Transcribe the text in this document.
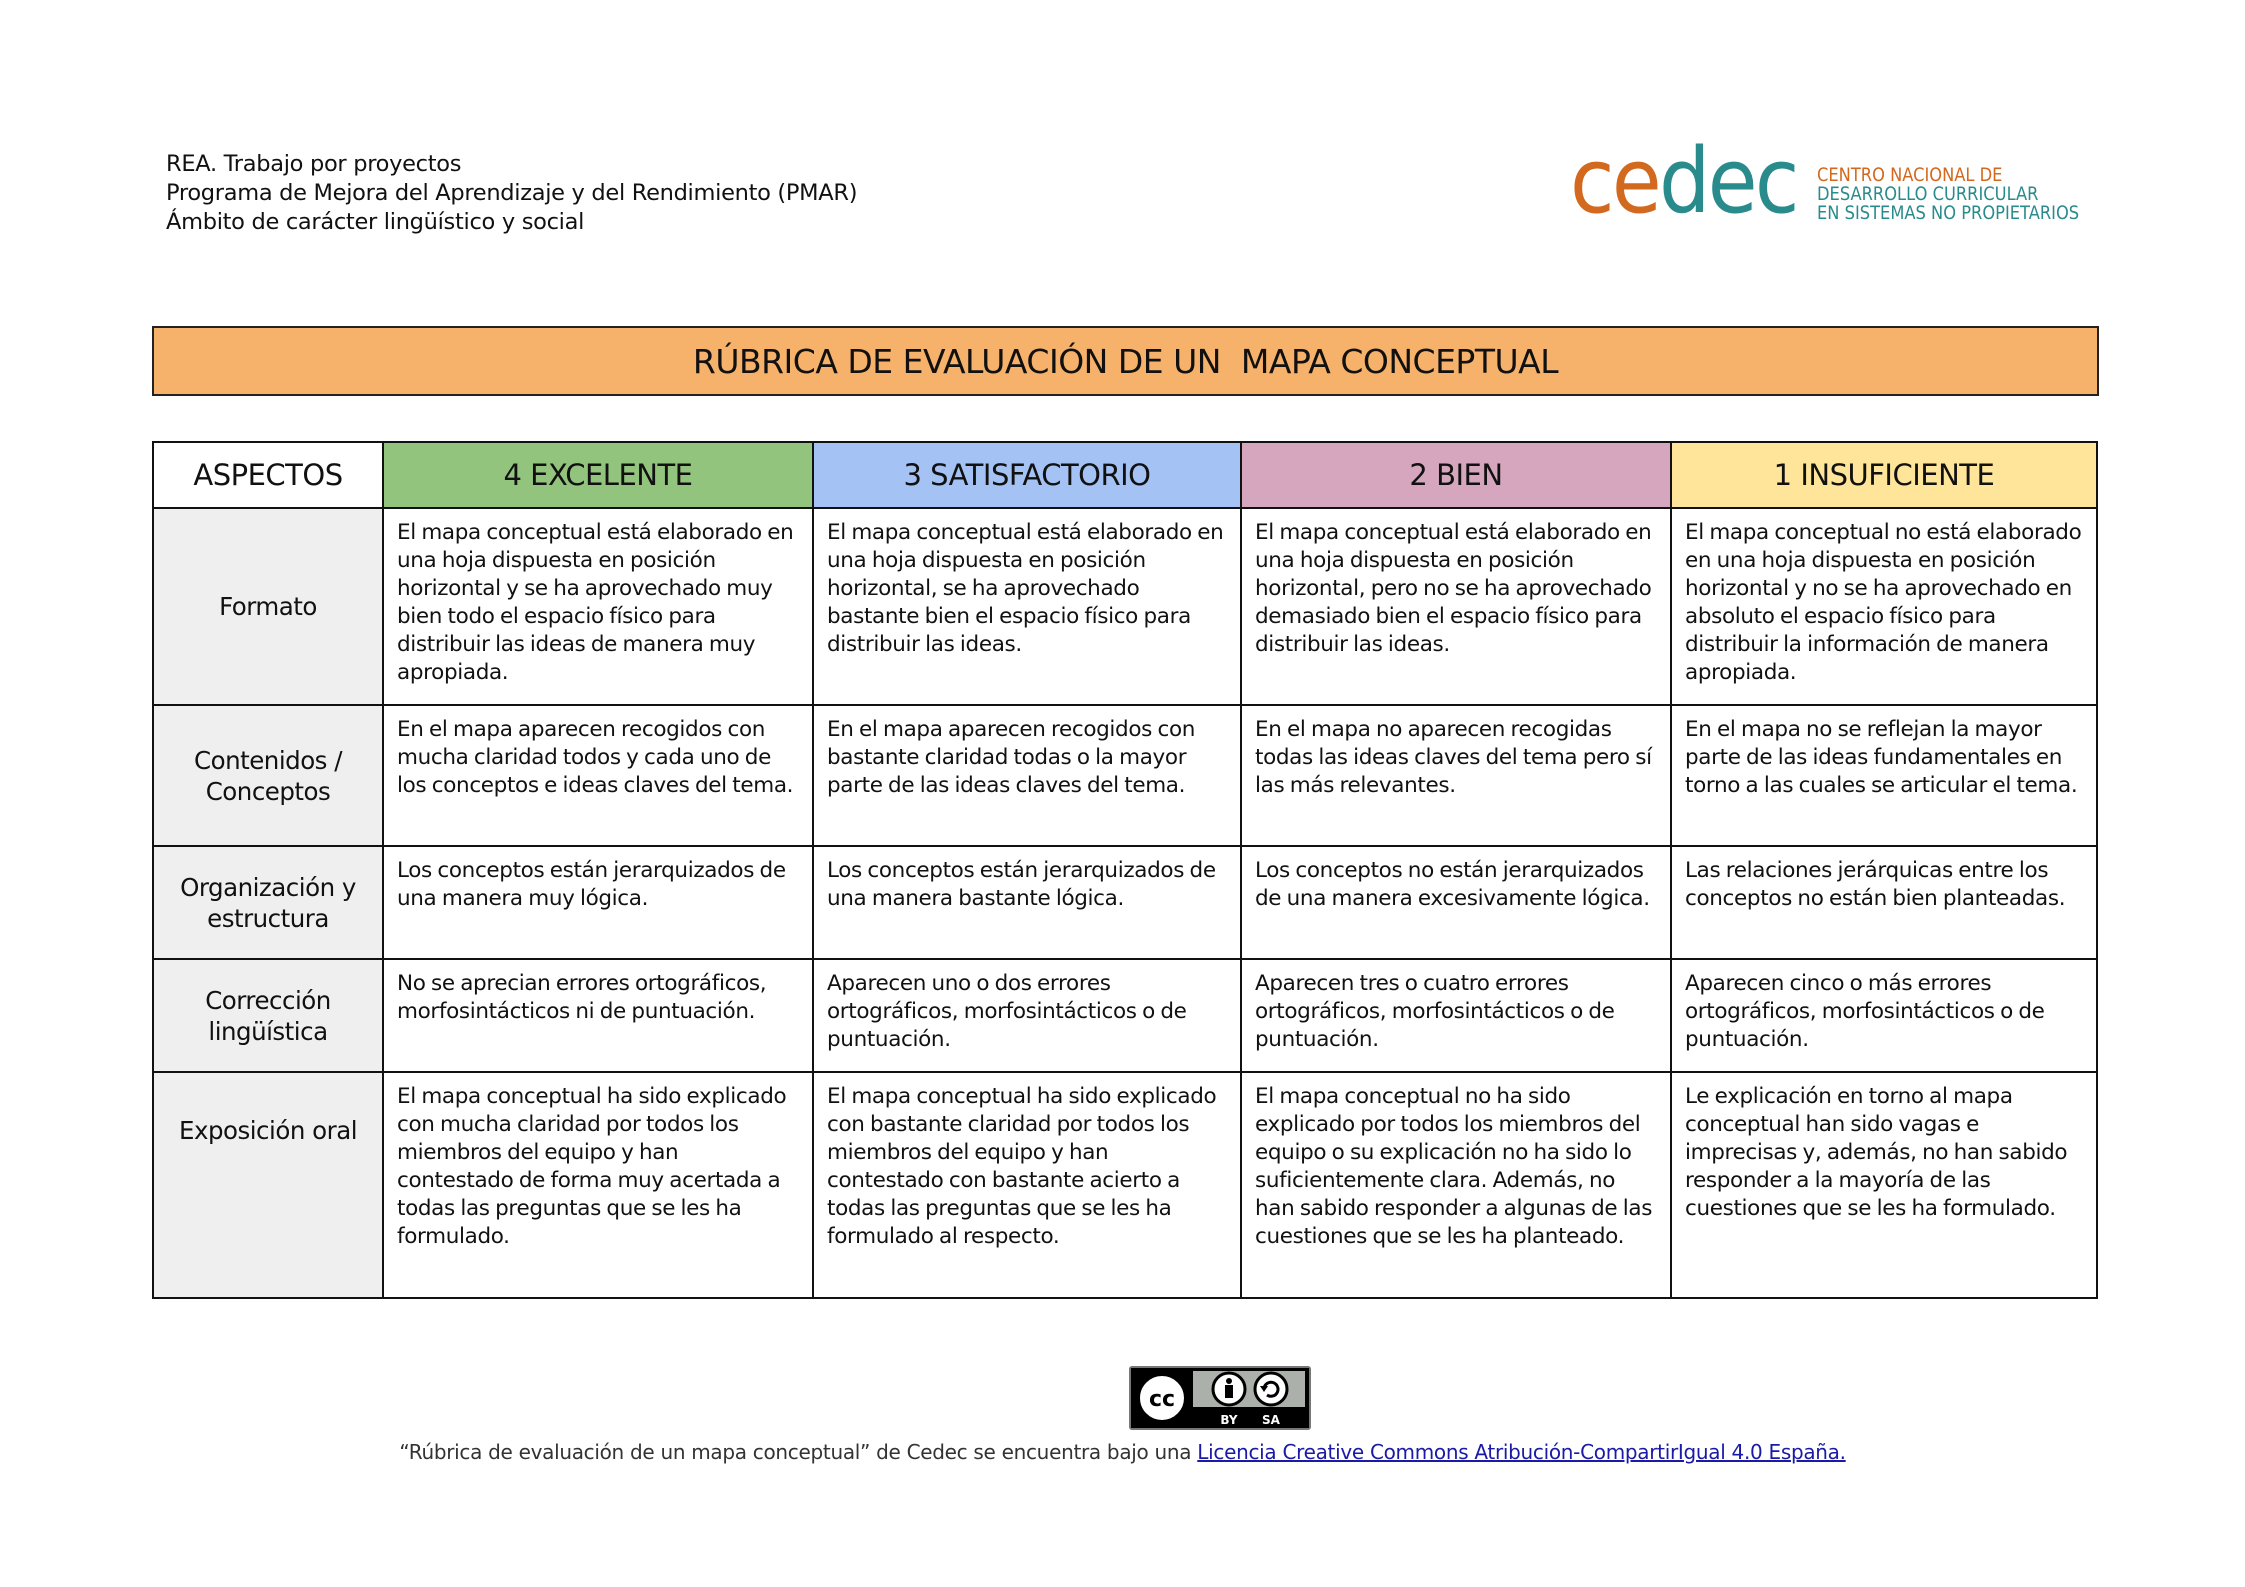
REA. Trabajo por proyectos
Programa de Mejora del Aprendizaje y del Rendimiento (PMAR)
Ámbito de carácter lingüístico y social	cedec CENTRO NACIONAL DE
DESARROLLO CURRICULAR
EN SISTEMAS NO PROPIETARIOS
RÚBRICA DE EVALUACIÓN DE UN  MAPA CONCEPTUAL
ASPECTOS	4 EXCELENTE	3 SATISFACTORIO	2 BIEN	1 INSUFICIENTE
Formato	El mapa conceptual está elaborado en una hoja dispuesta en posición horizontal y se ha aprovechado muy bien todo el espacio físico para distribuir las ideas de manera muy apropiada.	El mapa conceptual está elaborado en una hoja dispuesta en posición horizontal, se ha aprovechado bastante bien el espacio físico para distribuir las ideas.	El mapa conceptual está elaborado en una hoja dispuesta en posición horizontal, pero no se ha aprovechado demasiado bien el espacio físico para distribuir las ideas.	El mapa conceptual no está elaborado en una hoja dispuesta en posición horizontal y no se ha aprovechado en absoluto el espacio físico para distribuir la información de manera apropiada.
Contenidos / Conceptos	En el mapa aparecen recogidos con mucha claridad todos y cada uno de los conceptos e ideas claves del tema.	En el mapa aparecen recogidos con bastante claridad todas o la mayor parte de las ideas claves del tema.	En el mapa no aparecen recogidas todas las ideas claves del tema pero sí las más relevantes.	En el mapa no se reflejan la mayor parte de las ideas fundamentales en torno a las cuales se articular el tema.
Organización y estructura	Los conceptos están jerarquizados de una manera muy lógica.	Los conceptos están jerarquizados de una manera bastante lógica.	Los conceptos no están jerarquizados de una manera excesivamente lógica.	Las relaciones jerárquicas entre los conceptos no están bien planteadas.
Corrección lingüística	No se aprecian errores ortográficos, morfosintácticos ni de puntuación.	Aparecen uno o dos errores ortográficos, morfosintácticos o de puntuación.	Aparecen tres o cuatro errores ortográficos, morfosintácticos o de puntuación.	Aparecen cinco o más errores ortográficos, morfosintácticos o de puntuación.
Exposición oral	El mapa conceptual ha sido explicado con mucha claridad por todos los miembros del equipo y han contestado de forma muy acertada a todas las preguntas que se les ha formulado.	El mapa conceptual ha sido explicado con bastante claridad por todos los miembros del equipo y han contestado con bastante acierto a todas las preguntas que se les ha formulado al respecto.	El mapa conceptual no ha sido explicado por todos los miembros del equipo o su explicación no ha sido lo suficientemente clara. Además, no han sabido responder a algunas de las cuestiones que se les ha planteado.	Le explicación en torno al mapa conceptual han sido vagas e imprecisas y, además, no han sabido responder a la mayoría de las cuestiones que se les ha formulado.
cc
BY SA
“Rúbrica de evaluación de un mapa conceptual” de Cedec se encuentra bajo una Licencia Creative Commons Atribución-CompartirIgual 4.0 España.
